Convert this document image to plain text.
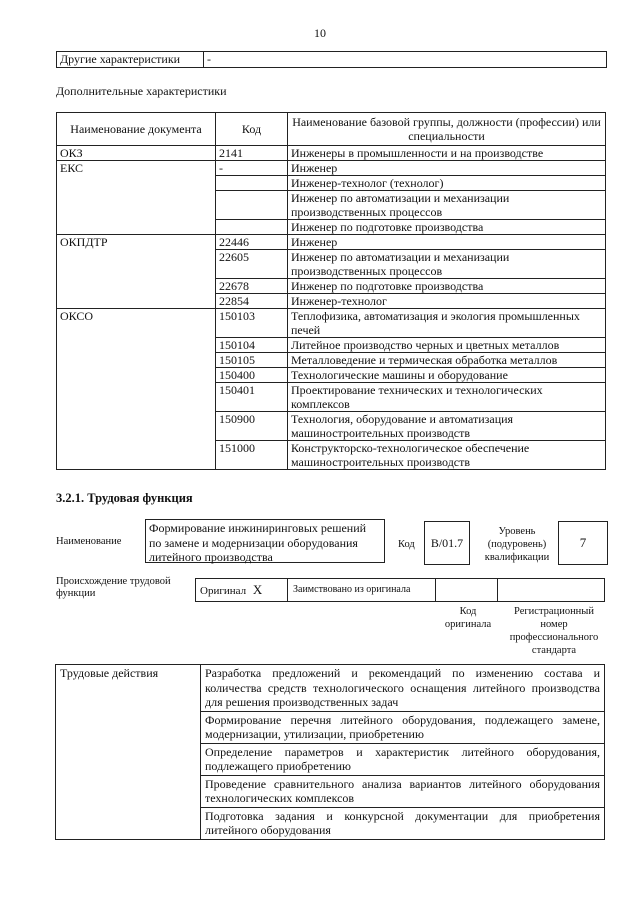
10
Другие характеристики	-
Дополнительные характеристики
Наименование документа	Код	Наименование базовой группы, должности (профессии) или специальности
ОКЗ	2141	Инженеры в промышленности и на производстве
ЕКС	-	Инженер
		Инженер-технолог (технолог)
		Инженер по автоматизации и механизации производственных процессов
		Инженер по подготовке производства
ОКПДТР	22446	Инженер
	22605	Инженер по автоматизации и механизации производственных процессов
	22678	Инженер по подготовке производства
	22854	Инженер-технолог
ОКСО	150103	Теплофизика, автоматизация и экология промышленных печей
	150104	Литейное производство черных и цветных металлов
	150105	Металловедение и термическая обработка металлов
	150400	Технологические машины и оборудование
	150401	Проектирование технических и технологических комплексов
	150900	Технология, оборудование и автоматизация машиностроительных производств
	151000	Конструкторско-технологическое обеспечение машиностроительных производств
3.2.1. Трудовая функция
Наименование
Формирование инжиниринговых решений по замене и модернизации оборудования литейного производства
Код	B/01.7
Уровень (подуровень) квалификации
7
Происхождение трудовой функции	Оригинал X	Заимствовано из оригинала
Код оригинала
Регистрационный номер профессионального стандарта
Трудовые действия	Разработка предложений и рекомендаций по изменению состава и количества средств технологического оснащения литейного производства для решения производственных задач
Формирование перечня литейного оборудования, подлежащего замене, модернизации, утилизации, приобретению
Определение параметров и характеристик литейного оборудования, подлежащего приобретению
Проведение сравнительного анализа вариантов литейного оборудования технологических комплексов
Подготовка задания и конкурсной документации для приобретения литейного оборудования
